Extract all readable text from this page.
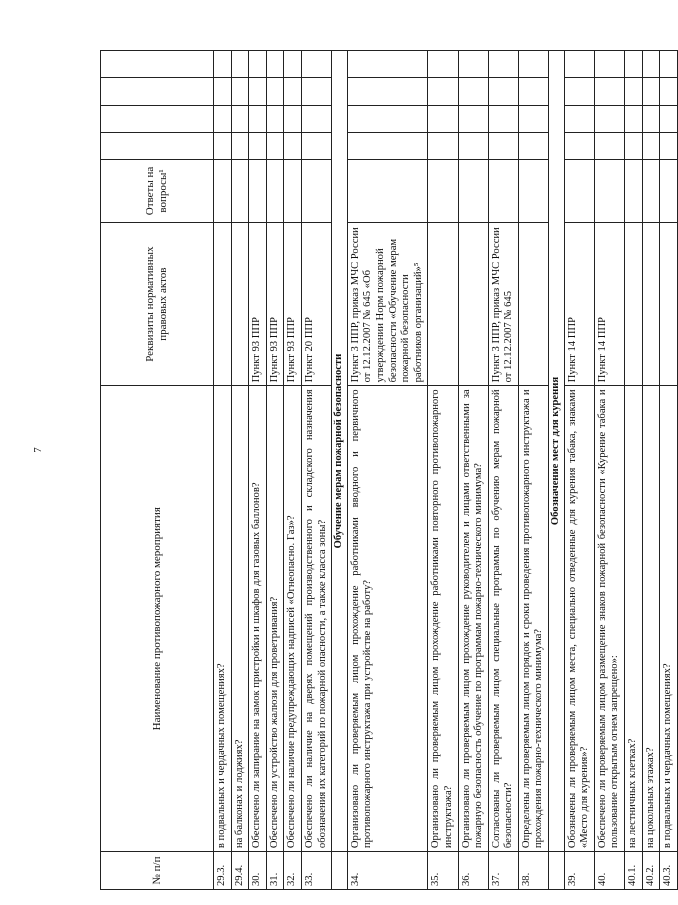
7
№ п/п	Наименование противопожарного мероприятия	Реквизиты нормативных правовых актов	Ответы на вопросы¹				
29.3.	в подвальных и чердачных помещениях?						
29.4.	на балконах и лоджиях?						
30.	Обеспечено ли запирание на замок пристройки и шкафов для газовых баллонов?	Пункт 93 ППР					
31.	Обеспечено ли устройство жалюзи для проветривания?	Пункт 93 ППР					
32.	Обеспечено ли наличие предупреждающих надписей «Огнеопасно. Газ»?	Пункт 93 ППР					
33.	Обеспечено ли наличие на дверях помещений производственного и складского назначения обозначения их категорий по пожарной опасности, а также класса зоны?	Пункт 20 ППР					
	Обучение мерам пожарной безопасности						
34.	Организовано ли проверяемым лицом прохождение работниками вводного и первичного противопожарного инструктажа при устройстве на работу?	Пункт 3 ППР, приказ МЧС России от 12.12.2007 № 645 «Об утверждении Норм пожарной безопасности «Обучение мерам пожарной безопасности работников организаций»⁵					
35.	Организовано ли проверяемым лицом прохождение работниками повторного противопожарного инструктажа?						
36.	Организовано ли проверяемым лицом прохождение руководителем и лицами ответственными за пожарную безопасность обучение по программам пожарно-технического минимума?						
37.	Согласованы ли проверяемым лицом специальные программы по обучению мерам пожарной безопасности?	Пункт 3 ППР, приказ МЧС России от 12.12.2007 № 645					
38.	Определены ли проверяемым лицом порядок и сроки проведения противопожарного инструктажа и прохождения пожарно-технического минимума?						
	Обозначение мест для курения						
39.	Обозначены ли проверяемым лицом места, специально отведенные для курения табака, знаками «Место для курения»?	Пункт 14 ППР					
40.	Обеспечено ли проверяемым лицом размещение знаков пожарной безопасности «Курение табака и пользование открытым огнем запрещено»:	Пункт 14 ППР					
40.1.	на лестничных клетках?						
40.2.	на цокольных этажах?						
40.3.	в подвальных и чердачных помещениях?						
